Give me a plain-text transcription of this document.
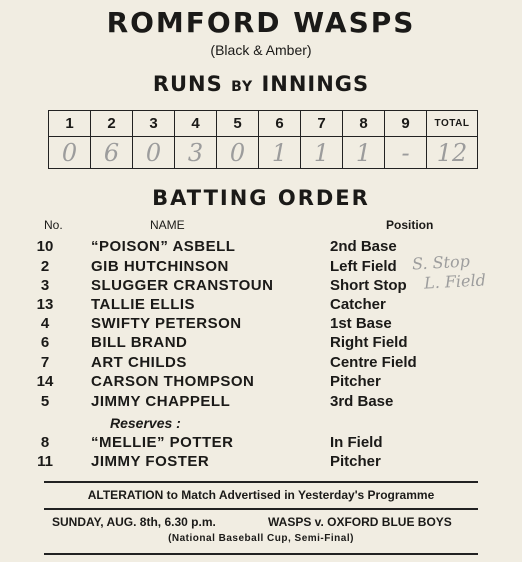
ROMFORD WASPS
(Black & Amber)
RUNS BY INNINGS
1	2	3	4	5	6	7	8	9	TOTAL
0	6	0	3	0	1	1	1	-	12
BATTING ORDER
No.	NAME	Position
10	“POISON” ASBELL	2nd Base
2	GIB HUTCHINSON	Left Field
3	SLUGGER CRANSTOUN	Short Stop
13	TALLIE ELLIS	Catcher
4	SWIFTY PETERSON	1st Base
6	BILL BRAND	Right Field
7	ART CHILDS	Centre Field
14	CARSON THOMPSON	Pitcher
5	JIMMY CHAPPELL	3rd Base
Reserves :
8	“MELLIE” POTTER	In Field
11	JIMMY FOSTER	Pitcher
S. Stop
L. Field
ALTERATION to Match Advertised in Yesterday's Programme
SUNDAY, AUG. 8th, 6.30 p.m.	WASPS v. OXFORD BLUE BOYS
(National Baseball Cup, Semi-Final)
